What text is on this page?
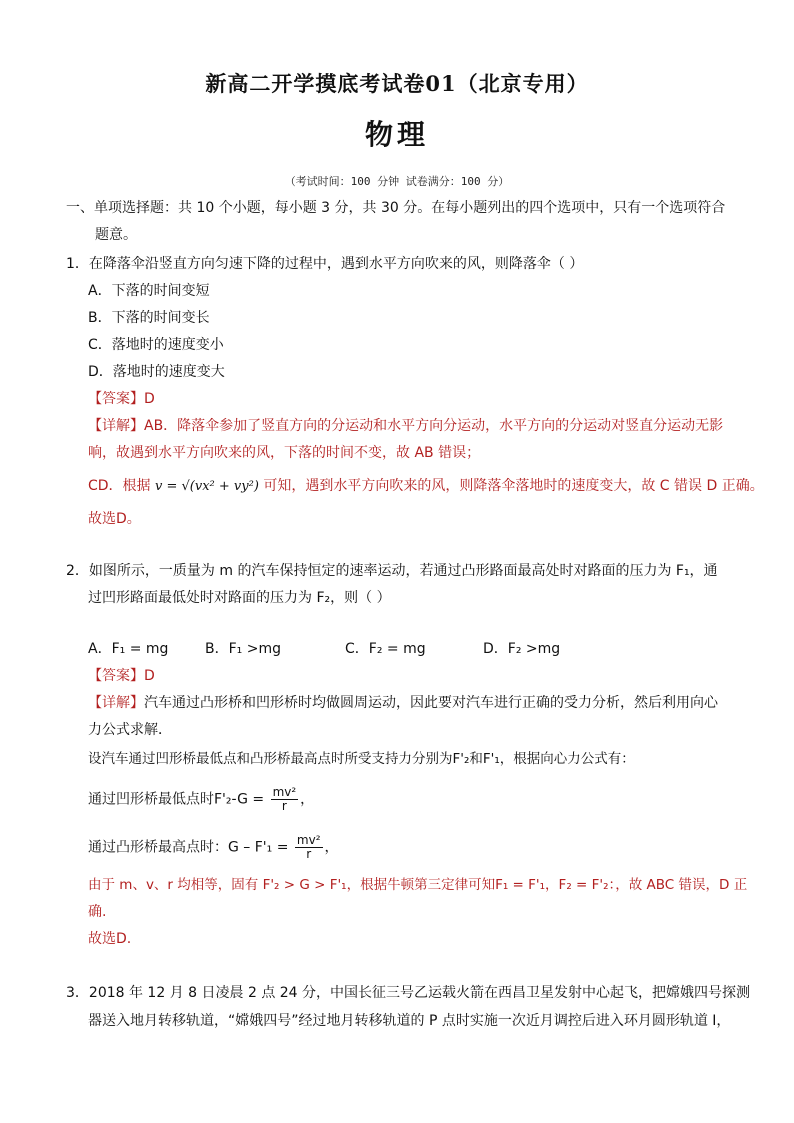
新高二开学摸底考试卷01（北京专用）
物理
（考试时间：100 分钟 试卷满分：100 分）
一、单项选择题：共 10 个小题，每小题 3 分，共 30 分。在每小题列出的四个选项中，只有一个选项符合
题意。
1．在降落伞沿竖直方向匀速下降的过程中，遇到水平方向吹来的风，则降落伞（ ）
A．下落的时间变短
B．下落的时间变长
C．落地时的速度变小
D．落地时的速度变大
【答案】D
【详解】AB．降落伞参加了竖直方向的分运动和水平方向分运动，水平方向的分运动对竖直分运动无影
响，故遇到水平方向吹来的风，下落的时间不变，故 AB 错误；
CD．根据 v = √(vx² + vy²) 可知，遇到水平方向吹来的风，则降落伞落地时的速度变大，故 C 错误 D 正确。
故选D。
2．如图所示，一质量为 m 的汽车保持恒定的速率运动，若通过凸形路面最高处时对路面的压力为 F₁，通
过凹形路面最低处时对路面的压力为 F₂，则（ ）
A．F₁ = mg	B．F₁ >mg	C．F₂ = mg	D．F₂ >mg
【答案】D
【详解】汽车通过凸形桥和凹形桥时均做圆周运动，因此要对汽车进行正确的受力分析，然后利用向心
力公式求解．
设汽车通过凹形桥最低点和凸形桥最高点时所受支持力分别为F'₂和F'₁，根据向心力公式有：
通过凹形桥最低点时$F'_2-G = \frac{\text{mv²}}{r}$ ，
通过凸形桥最高点时：$G - F'_1 = \frac{\text{mv²}}{r}$ ，
由于 m、v、r 均相等，固有 F'₂ > G > F'₁，根据牛顿第三定律可知F₁ = F'₁，F₂ = F'₂：，故 ABC 错误，D 正
确.
故选D.
3．2018 年 12 月 8 日凌晨 2 点 24 分，中国长征三号乙运载火箭在西昌卫星发射中心起飞，把嫦娥四号探测
器送入地月转移轨道，“嫦娥四号”经过地月转移轨道的 P 点时实施一次近月调控后进入环月圆形轨道 I，
